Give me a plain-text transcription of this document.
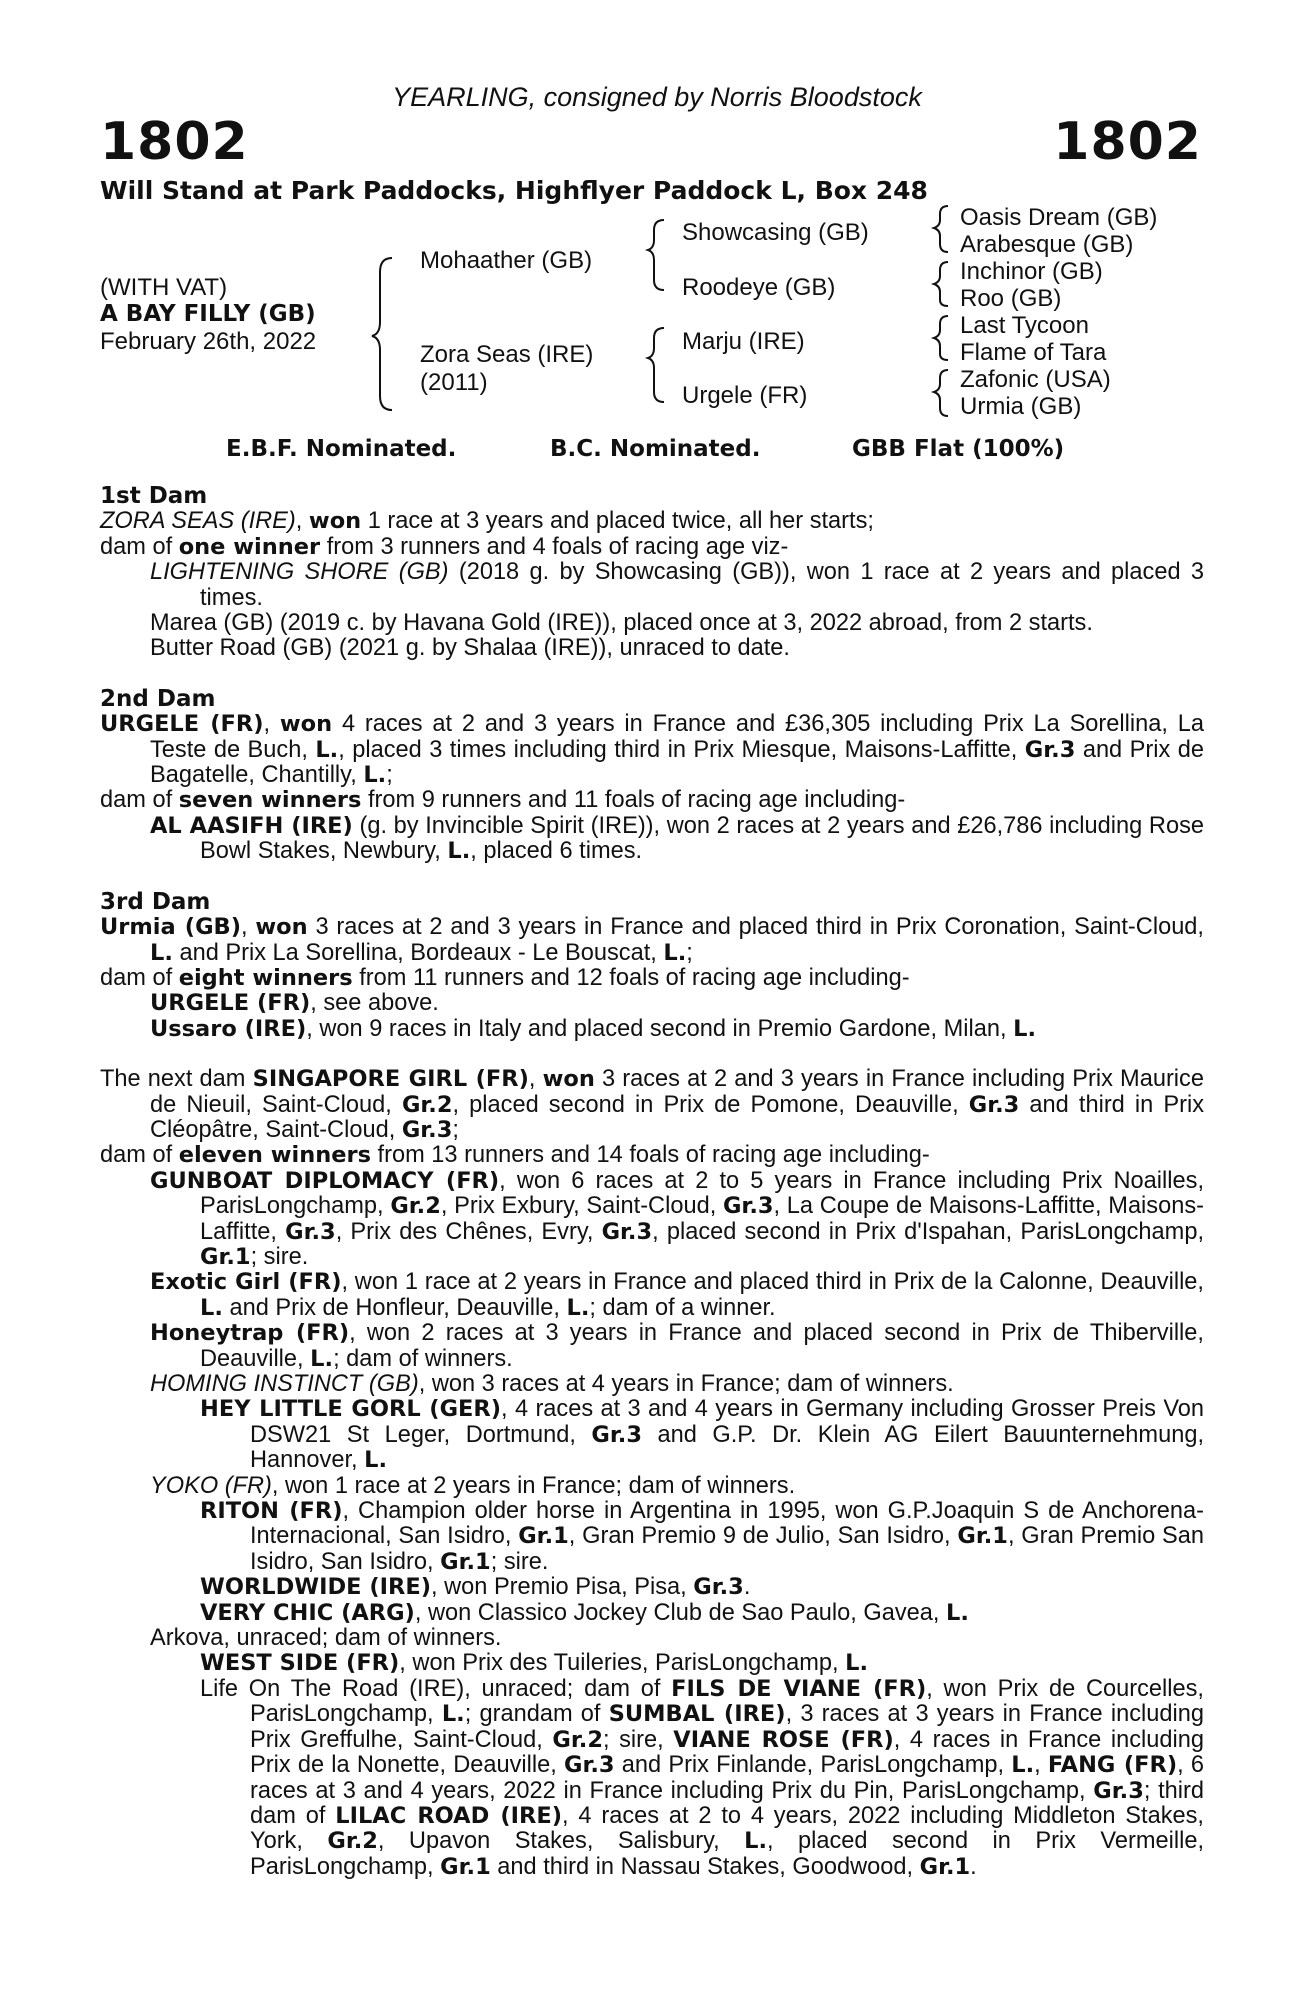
YEARLING, consigned by Norris Bloodstock
1802	1802
Will Stand at Park Paddocks, Highflyer Paddock L, Box 248
(WITH VAT)
A BAY FILLY (GB)
February 26th, 2022
Mohaather (GB)
Zora Seas (IRE)
(2011)
Showcasing (GB)
Roodeye (GB)
Marju (IRE)
Urgele (FR)
Oasis Dream (GB)
Arabesque (GB)
Inchinor (GB)
Roo (GB)
Last Tycoon
Flame of Tara
Zafonic (USA)
Urmia (GB)
E.B.F. Nominated.	B.C. Nominated.	GBB Flat (100%)
1st Dam
ZORA SEAS (IRE), won 1 race at 3 years and placed twice, all her starts;
dam of one winner from 3 runners and 4 foals of racing age viz-
LIGHTENING SHORE (GB) (2018 g. by Showcasing (GB)), won 1 race at 2 years and placed 3 times.
Marea (GB) (2019 c. by Havana Gold (IRE)), placed once at 3, 2022 abroad, from 2 starts.
Butter Road (GB) (2021 g. by Shalaa (IRE)), unraced to date.
2nd Dam
URGELE (FR), won 4 races at 2 and 3 years in France and £36,305 including Prix La Sorellina, La Teste de Buch, L., placed 3 times including third in Prix Miesque, Maisons-Laffitte, Gr.3 and Prix de Bagatelle, Chantilly, L.;
dam of seven winners from 9 runners and 11 foals of racing age including-
AL AASIFH (IRE) (g. by Invincible Spirit (IRE)), won 2 races at 2 years and £26,786 including Rose Bowl Stakes, Newbury, L., placed 6 times.
3rd Dam
Urmia (GB), won 3 races at 2 and 3 years in France and placed third in Prix Coronation, Saint-Cloud, L. and Prix La Sorellina, Bordeaux - Le Bouscat, L.;
dam of eight winners from 11 runners and 12 foals of racing age including-
URGELE (FR), see above.
Ussaro (IRE), won 9 races in Italy and placed second in Premio Gardone, Milan, L.
The next dam SINGAPORE GIRL (FR), won 3 races at 2 and 3 years in France including Prix Maurice de Nieuil, Saint-Cloud, Gr.2, placed second in Prix de Pomone, Deauville, Gr.3 and third in Prix Cléopâtre, Saint-Cloud, Gr.3;
dam of eleven winners from 13 runners and 14 foals of racing age including-
GUNBOAT DIPLOMACY (FR), won 6 races at 2 to 5 years in France including Prix Noailles, ParisLongchamp, Gr.2, Prix Exbury, Saint-Cloud, Gr.3, La Coupe de Maisons-Laffitte, Maisons-Laffitte, Gr.3, Prix des Chênes, Evry, Gr.3, placed second in Prix d'Ispahan, ParisLongchamp, Gr.1; sire.
Exotic Girl (FR), won 1 race at 2 years in France and placed third in Prix de la Calonne, Deauville, L. and Prix de Honfleur, Deauville, L.; dam of a winner.
Honeytrap (FR), won 2 races at 3 years in France and placed second in Prix de Thiberville, Deauville, L.; dam of winners.
HOMING INSTINCT (GB), won 3 races at 4 years in France; dam of winners.
HEY LITTLE GORL (GER), 4 races at 3 and 4 years in Germany including Grosser Preis Von DSW21 St Leger, Dortmund, Gr.3 and G.P. Dr. Klein AG Eilert Bauunternehmung, Hannover, L.
YOKO (FR), won 1 race at 2 years in France; dam of winners.
RITON (FR), Champion older horse in Argentina in 1995, won G.P.Joaquin S de Anchorena-Internacional, San Isidro, Gr.1, Gran Premio 9 de Julio, San Isidro, Gr.1, Gran Premio San Isidro, San Isidro, Gr.1; sire.
WORLDWIDE (IRE), won Premio Pisa, Pisa, Gr.3.
VERY CHIC (ARG), won Classico Jockey Club de Sao Paulo, Gavea, L.
Arkova, unraced; dam of winners.
WEST SIDE (FR), won Prix des Tuileries, ParisLongchamp, L.
Life On The Road (IRE), unraced; dam of FILS DE VIANE (FR), won Prix de Courcelles, ParisLongchamp, L.; grandam of SUMBAL (IRE), 3 races at 3 years in France including Prix Greffulhe, Saint-Cloud, Gr.2; sire, VIANE ROSE (FR), 4 races in France including Prix de la Nonette, Deauville, Gr.3 and Prix Finlande, ParisLongchamp, L., FANG (FR), 6 races at 3 and 4 years, 2022 in France including Prix du Pin, ParisLongchamp, Gr.3; third dam of LILAC ROAD (IRE), 4 races at 2 to 4 years, 2022 including Middleton Stakes, York, Gr.2, Upavon Stakes, Salisbury, L., placed second in Prix Vermeille, ParisLongchamp, Gr.1 and third in Nassau Stakes, Goodwood, Gr.1.
